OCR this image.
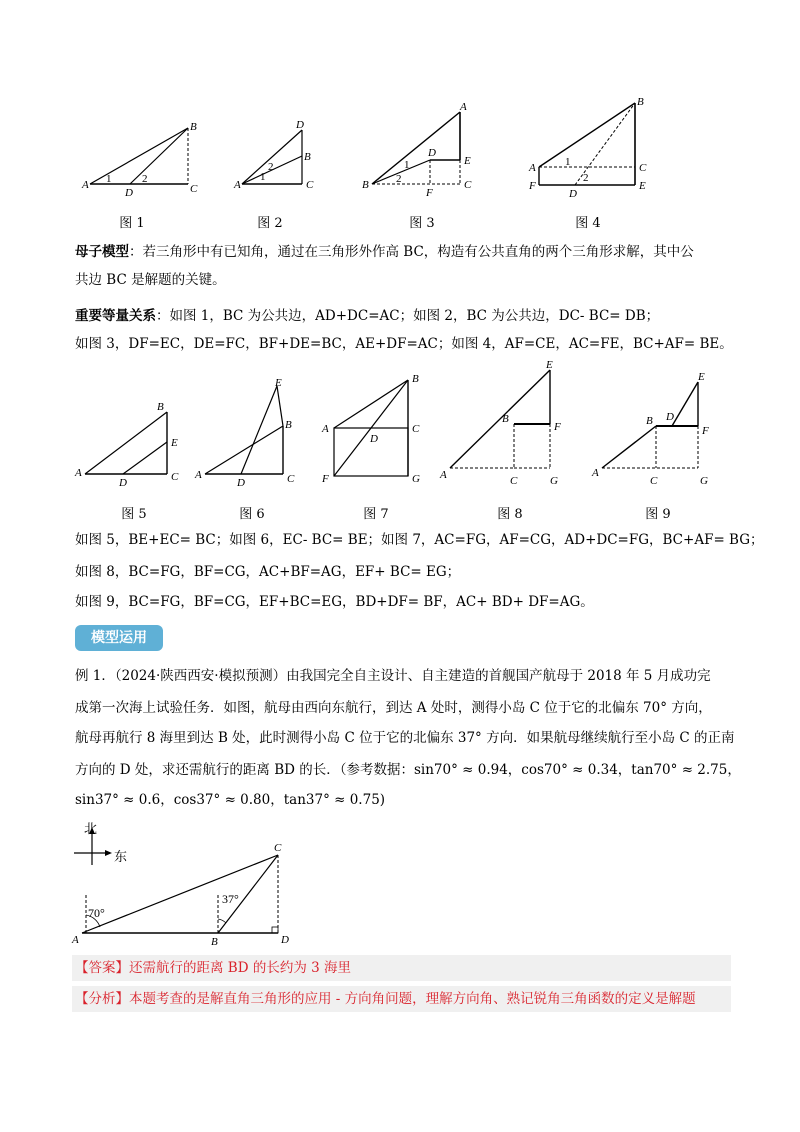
A
D	C
B
1	2	A	C
D
B
1
2
B
A
E
C
D
F
1
2
A
B
C
F	E
D
1
2
图 1	图 2	图 3	图 4
母子模型：若三角形中有已知角，通过在三角形外作高 BC，构造有公共直角的两个三角形求解，其中公
共边 BC 是解题的关键。
重要等量关系：如图 1，BC 为公共边，AD+DC=AC；如图 2，BC 为公共边，DC- BC= DB；
如图 3，DF=EC，DE=FC，BF+DE=BC，AE+DF=AC；如图 4，AF=CE，AC=FE，BC+AF= BE。
A
B
E
C
D
A
E
B
C
D
A
B
C
F	G
D
A
E
B
F
C	G
A
E
B D
F
C	G
图 5	图 6	图 7	图 8	图 9
如图 5，BE+EC= BC；如图 6，EC- BC= BE；如图 7，AC=FG，AF=CG，AD+DC=FG，BC+AF= BG；
如图 8，BC=FG，BF=CG，AC+BF=AG，EF+ BC= EG；
如图 9，BC=FG，BF=CG，EF+BC=EG，BD+DF= BF，AC+ BD+ DF=AG。
模型运用
例 1．（2024·陕西西安·模拟预测）由我国完全自主设计、自主建造的首舰国产航母于 2018 年 5 月成功完
成第一次海上试验任务．如图，航母由西向东航行，到达 A 处时，测得小岛 C 位于它的北偏东 70° 方向，
航母再航行 8 海里到达 B 处，此时测得小岛 C 位于它的北偏东 37° 方向．如果航母继续航行至小岛 C 的正南
方向的 D 处，求还需航行的距离 BD 的长．（参考数据：sin70° ≈ 0.94，cos70° ≈ 0.34，tan70° ≈ 2.75，
sin37° ≈ 0.6，cos37° ≈ 0.80，tan37° ≈ 0.75)
A	B	D
C
北
东
70°
37°
【答案】还需航行的距离 BD 的长约为 3 海里
【分析】本题考查的是解直角三角形的应用 - 方向角问题，理解方向角、熟记锐角三角函数的定义是解题
